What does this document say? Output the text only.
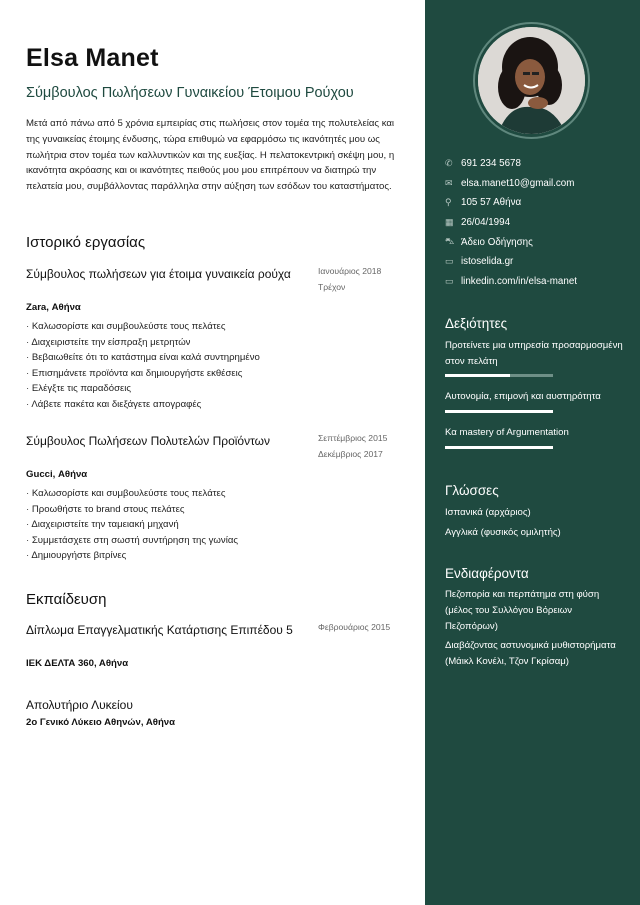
Elsa Manet
Σύμβουλος Πωλήσεων Γυναικείου Έτοιμου Ρούχου

Μετά από πάνω από 5 χρόνια εμπειρίας στις πωλήσεις στον τομέα της πολυτελείας και της γυναικείας έτοιμης ένδυσης, τώρα επιθυμώ να εφαρμόσω τις ικανότητές μου ως πωλήτρια στον τομέα των καλλυντικών και της ευεξίας. Η πελατοκεντρική σκέψη μου, η ικανότητα ακρόασης και οι ικανότητες πειθούς μου μου επιτρέπουν να διατηρώ την πελατεία μου, συμβάλλοντας παράλληλα στην αύξηση των εσόδων του καταστήματος.

Ιστορικό εργασίας
Σύμβουλος πωλήσεων για έτοιμα γυναικεία ρούχα	Ιανουάριος 2018
Τρέχον
Zara, Αθήνα
· Καλωσορίστε και συμβουλεύστε τους πελάτες
· Διαχειριστείτε την είσπραξη μετρητών
· Βεβαιωθείτε ότι το κατάστημα είναι καλά συντηρημένο
· Επισημάνετε προϊόντα και δημιουργήστε εκθέσεις
· Ελέγξτε τις παραδόσεις
· Λάβετε πακέτα και διεξάγετε απογραφές
Σύμβουλος Πωλήσεων Πολυτελών Προϊόντων	Σεπτέμβριος 2015
Δεκέμβριος 2017
Gucci, Αθήνα
· Καλωσορίστε και συμβουλεύστε τους πελάτες
· Προωθήστε το brand στους πελάτες
· Διαχειριστείτε την ταμειακή μηχανή
· Συμμετάσχετε στη σωστή συντήρηση της γωνίας
· Δημιουργήστε βιτρίνες
Εκπαίδευση
Δίπλωμα Επαγγελματικής Κατάρτισης Επιπέδου 5	Φεβρουάριος 2015
ΙΕΚ ΔΕΛΤΑ 360, Αθήνα
Απολυτήριο Λυκείου
2ο Γενικό Λύκειο Αθηνών, Αθήνα
✆ 691 234 5678
✉ elsa.manet10@gmail.com
⚲ 105 57 Αθήνα
▦ 26/04/1994
⛍ Άδειο Οδήγησης
▭ istoselida.gr
▭ linkedin.com/in/elsa-manet
Δεξιότητες
Προτείνετε μια υπηρεσία προσαρμοσμένη στον πελάτη
Αυτονομία, επιμονή και αυστηρότητα
Κα mastery of Argumentation
Γλώσσες
Ισπανικά (αρχάριος)
Αγγλικά (φυσικός ομιλητής)
Ενδιαφέροντα
Πεζοπορία και περπάτημα στη φύση (μέλος του Συλλόγου Βόρειων Πεζοπόρων)
Διαβάζοντας αστυνομικά μυθιστορήματα (Μάικλ Κονέλι, Τζον Γκρίσαμ)
